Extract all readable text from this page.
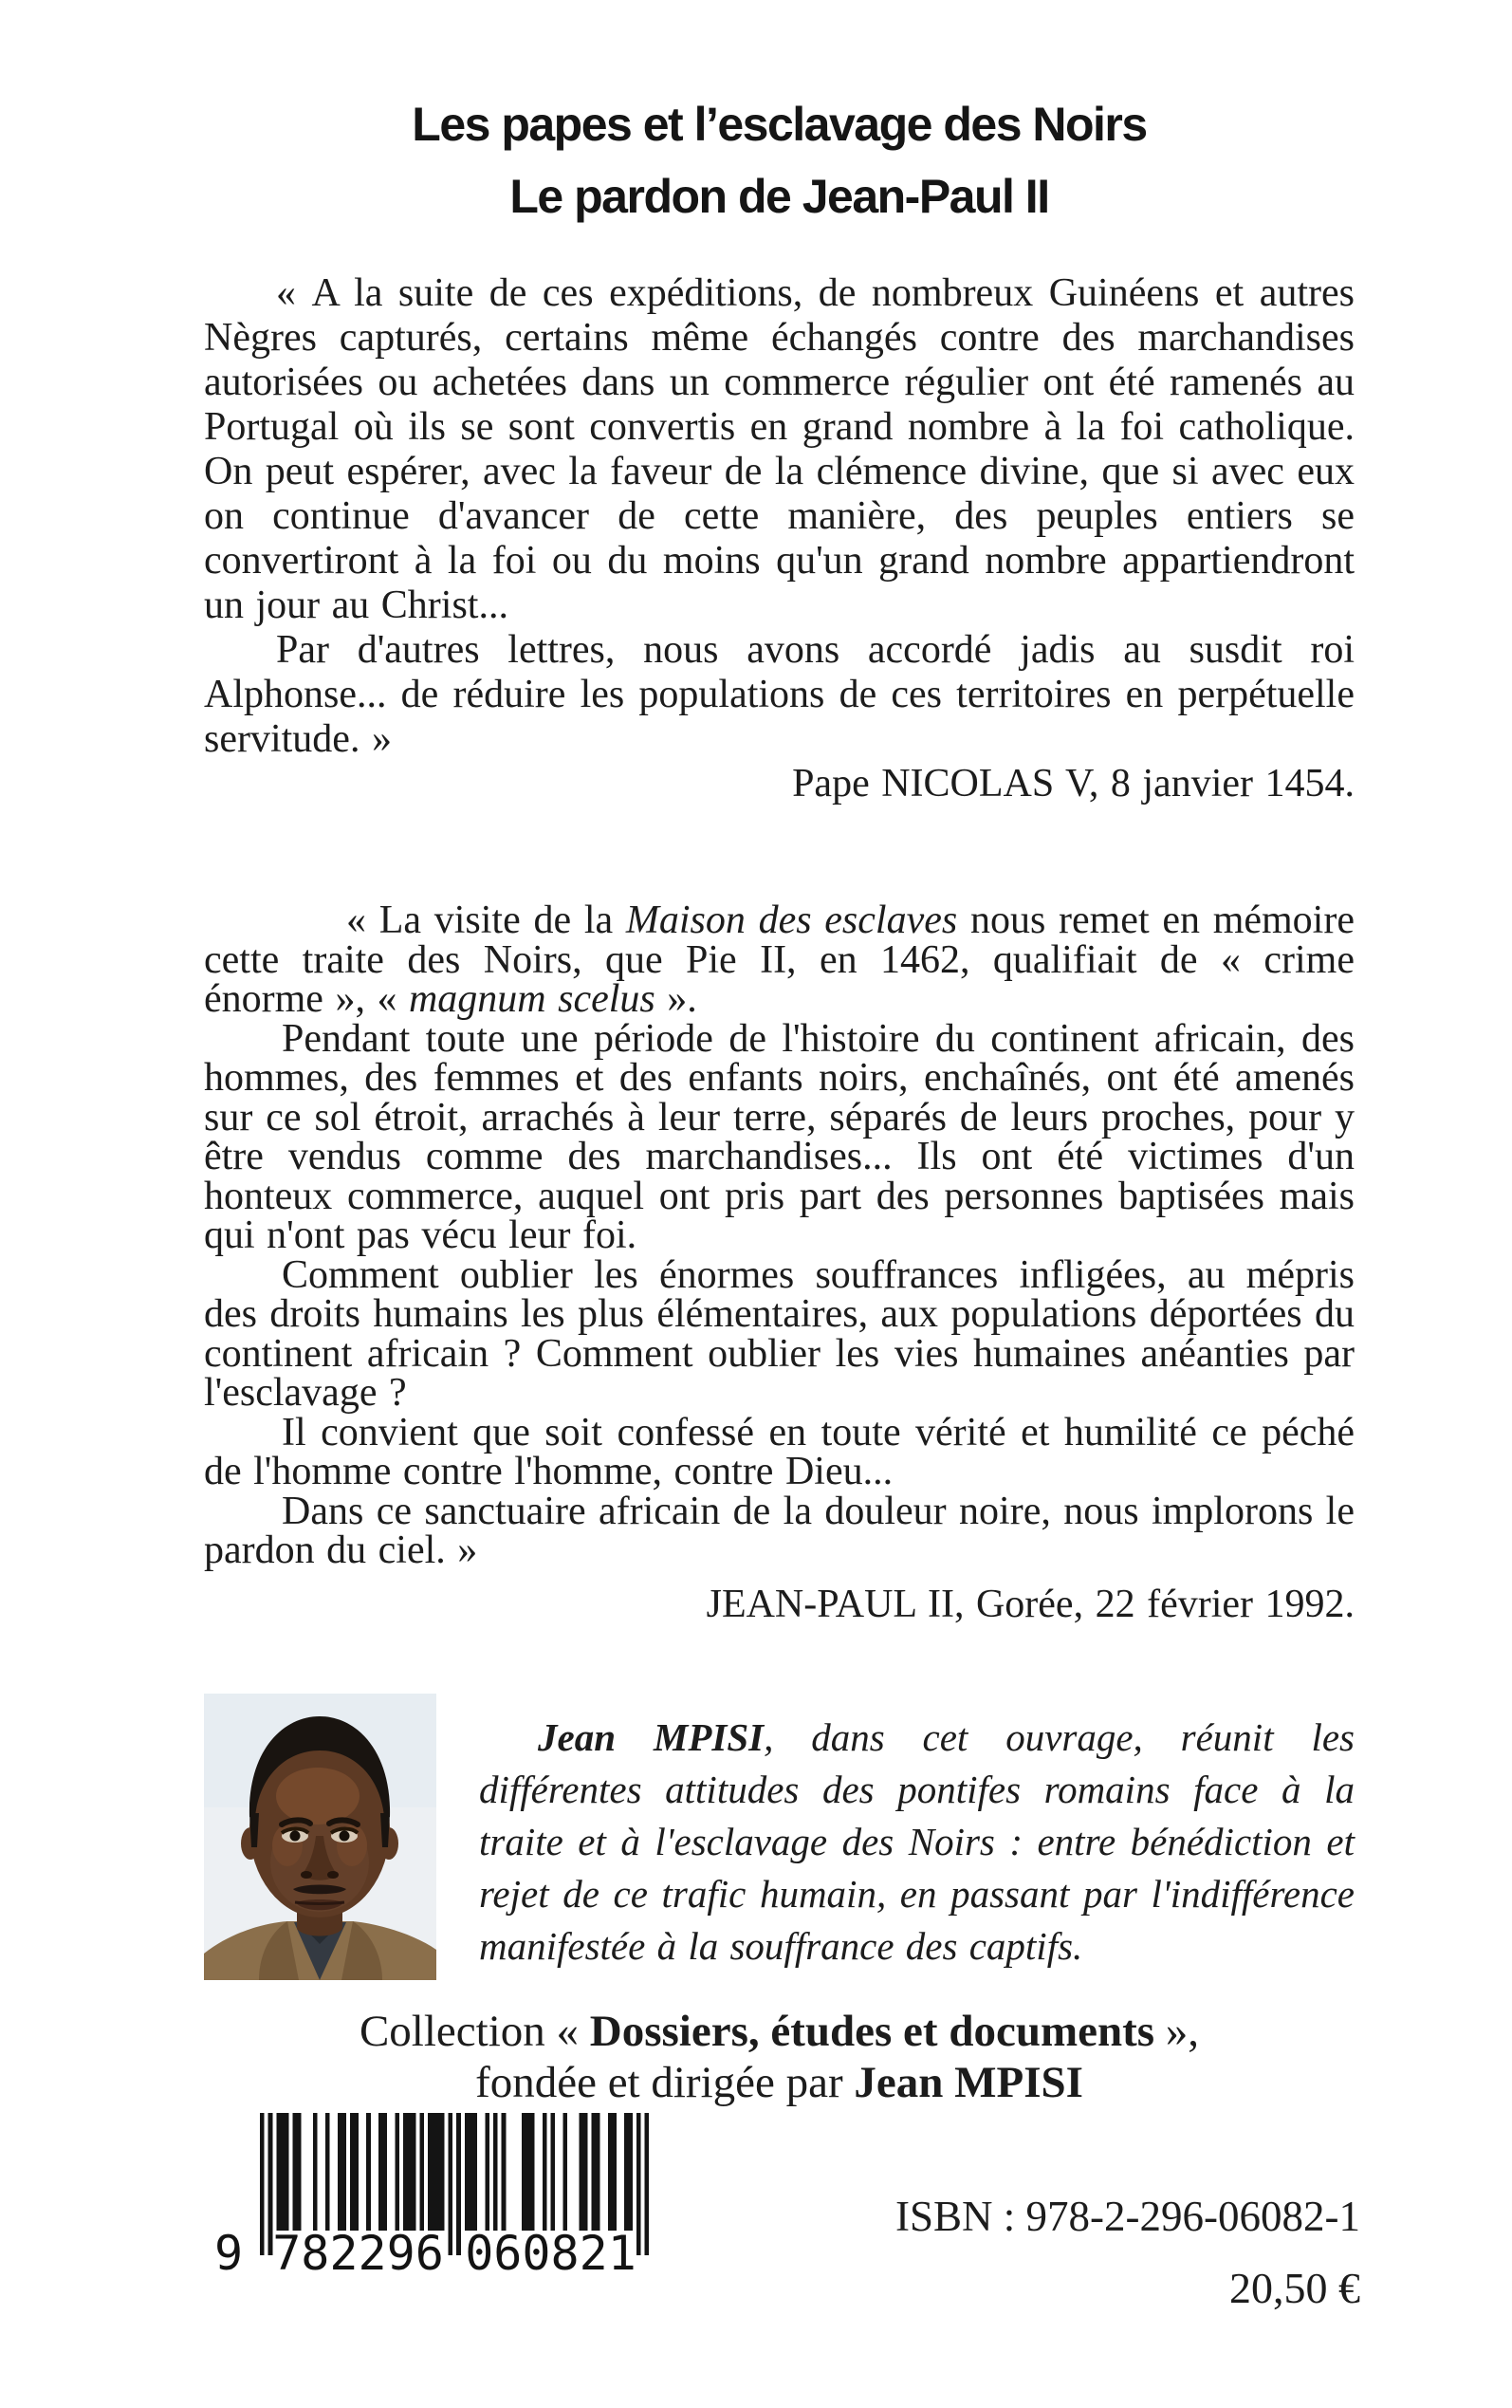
Les papes et l’esclavage des Noirs
Le pardon de Jean-Paul II

« A la suite de ces expéditions, de nombreux Guinéens et autres Nègres capturés, certains même échangés contre des marchandises autorisées ou achetées dans un commerce régulier ont été ramenés au Portugal où ils se sont convertis en grand nombre à la foi catholique. On peut espérer, avec la faveur de la clémence divine, que si avec eux on continue d'avancer de cette manière, des peuples entiers se convertiront à la foi ou du moins qu'un grand nombre appartiendront un jour au Christ...

Par d'autres lettres, nous avons accordé jadis au susdit roi Alphonse... de réduire les populations de ces territoires en perpétuelle servitude. »

Pape NICOLAS V, 8 janvier 1454.

« La visite de la Maison des esclaves nous remet en mémoire cette traite des Noirs, que Pie II, en 1462, qualifiait de « crime énorme », « magnum scelus ».

Pendant toute une période de l'histoire du continent africain, des hommes, des femmes et des enfants noirs, enchaînés, ont été amenés sur ce sol étroit, arrachés à leur terre, séparés de leurs proches, pour y être vendus comme des marchandises... Ils ont été victimes d'un honteux commerce, auquel ont pris part des personnes baptisées mais qui n'ont pas vécu leur foi.

Comment oublier les énormes souffrances infligées, au mépris des droits humains les plus élémentaires, aux populations déportées du continent africain ? Comment oublier les vies humaines anéanties par l'esclavage ?

Il convient que soit confessé en toute vérité et humilité ce péché de l'homme contre l'homme, contre Dieu...

Dans ce sanctuaire africain de la douleur noire, nous implorons le pardon du ciel. »

JEAN-PAUL II, Gorée, 22 février 1992.

Jean MPISI, dans cet ouvrage, réunit les différentes attitudes des pontifes romains face à la traite et à l'esclavage des Noirs : entre bénédiction et rejet de ce trafic humain, en passant par l'indifférence manifestée à la souffrance des captifs.

Collection « Dossiers, études et documents »,

fondée et dirigée par Jean MPISI

9 782296 060821

ISBN : 978-2-296-06082-1

20,50 €
